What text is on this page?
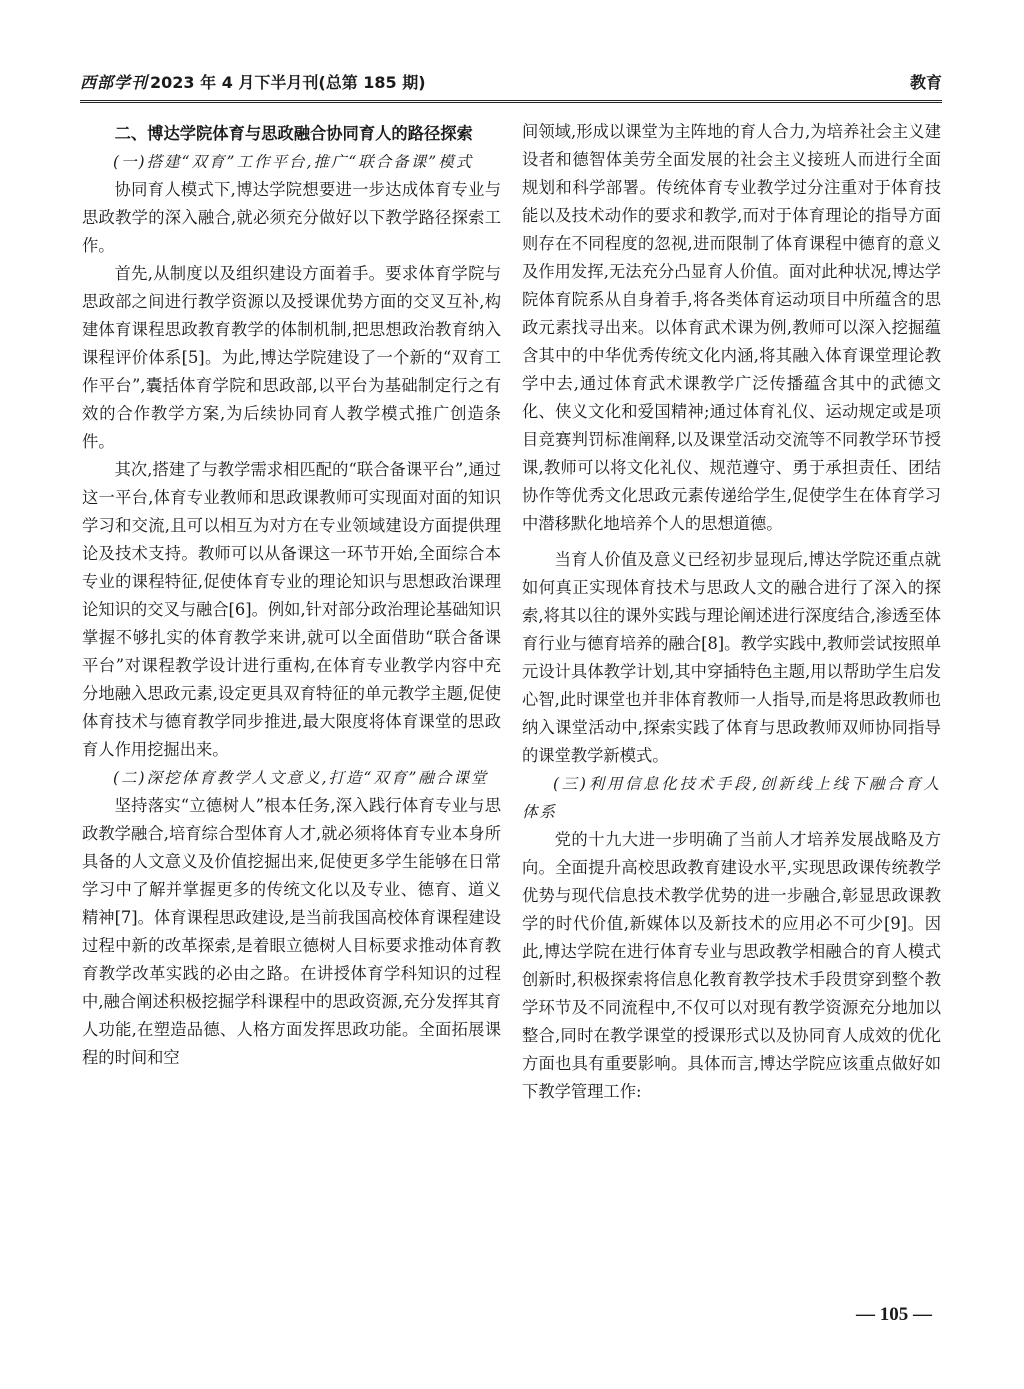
西部学刊 2023 年 4 月下半月刊(总第 185 期)	教育

二、博达学院体育与思政融合协同育人的路径探索

(一)搭建“双育”工作平台,推广“联合备课”模式

协同育人模式下,博达学院想要进一步达成体育专业与思政教学的深入融合,就必须充分做好以下教学路径探索工作。

首先,从制度以及组织建设方面着手。要求体育学院与思政部之间进行教学资源以及授课优势方面的交叉互补,构建体育课程思政教育教学的体制机制,把思想政治教育纳入课程评价体系[5]。为此,博达学院建设了一个新的“双育工作平台”,囊括体育学院和思政部,以平台为基础制定行之有效的合作教学方案,为后续协同育人教学模式推广创造条件。

其次,搭建了与教学需求相匹配的“联合备课平台”,通过这一平台,体育专业教师和思政课教师可实现面对面的知识学习和交流,且可以相互为对方在专业领域建设方面提供理论及技术支持。教师可以从备课这一环节开始,全面综合本专业的课程特征,促使体育专业的理论知识与思想政治课理论知识的交叉与融合[6]。例如,针对部分政治理论基础知识掌握不够扎实的体育教学来讲,就可以全面借助“联合备课平台”对课程教学设计进行重构,在体育专业教学内容中充分地融入思政元素,设定更具双育特征的单元教学主题,促使体育技术与德育教学同步推进,最大限度将体育课堂的思政育人作用挖掘出来。

(二)深挖体育教学人文意义,打造“双育”融合课堂

坚持落实“立德树人”根本任务,深入践行体育专业与思政教学融合,培育综合型体育人才,就必须将体育专业本身所具备的人文意义及价值挖掘出来,促使更多学生能够在日常学习中了解并掌握更多的传统文化以及专业、德育、道义精神[7]。体育课程思政建设,是当前我国高校体育课程建设过程中新的改革探索,是着眼立德树人目标要求推动体育教育教学改革实践的必由之路。在讲授体育学科知识的过程中,融合阐述积极挖掘学科课程中的思政资源,充分发挥其育人功能,在塑造品德、人格方面发挥思政功能。全面拓展课程的时间和空

间领域,形成以课堂为主阵地的育人合力,为培养社会主义建设者和德智体美劳全面发展的社会主义接班人而进行全面规划和科学部署。传统体育专业教学过分注重对于体育技能以及技术动作的要求和教学,而对于体育理论的指导方面则存在不同程度的忽视,进而限制了体育课程中德育的意义及作用发挥,无法充分凸显育人价值。面对此种状况,博达学院体育院系从自身着手,将各类体育运动项目中所蕴含的思政元素找寻出来。以体育武术课为例,教师可以深入挖掘蕴含其中的中华优秀传统文化内涵,将其融入体育课堂理论教学中去,通过体育武术课教学广泛传播蕴含其中的武德文化、侠义文化和爱国精神;通过体育礼仪、运动规定或是项目竞赛判罚标准阐释,以及课堂活动交流等不同教学环节授课,教师可以将文化礼仪、规范遵守、勇于承担责任、团结协作等优秀文化思政元素传递给学生,促使学生在体育学习中潜移默化地培养个人的思想道德。

当育人价值及意义已经初步显现后,博达学院还重点就如何真正实现体育技术与思政人文的融合进行了深入的探索,将其以往的课外实践与理论阐述进行深度结合,渗透至体育行业与德育培养的融合[8]。教学实践中,教师尝试按照单元设计具体教学计划,其中穿插特色主题,用以帮助学生启发心智,此时课堂也并非体育教师一人指导,而是将思政教师也纳入课堂活动中,探索实践了体育与思政教师双师协同指导的课堂教学新模式。

(三)利用信息化技术手段,创新线上线下融合育人体系

党的十九大进一步明确了当前人才培养发展战略及方向。全面提升高校思政教育建设水平,实现思政课传统教学优势与现代信息技术教学优势的进一步融合,彰显思政课教学的时代价值,新媒体以及新技术的应用必不可少[9]。因此,博达学院在进行体育专业与思政教学相融合的育人模式创新时,积极探索将信息化教育教学技术手段贯穿到整个教学环节及不同流程中,不仅可以对现有教学资源充分地加以整合,同时在教学课堂的授课形式以及协同育人成效的优化方面也具有重要影响。具体而言,博达学院应该重点做好如下教学管理工作:

— 105 —
